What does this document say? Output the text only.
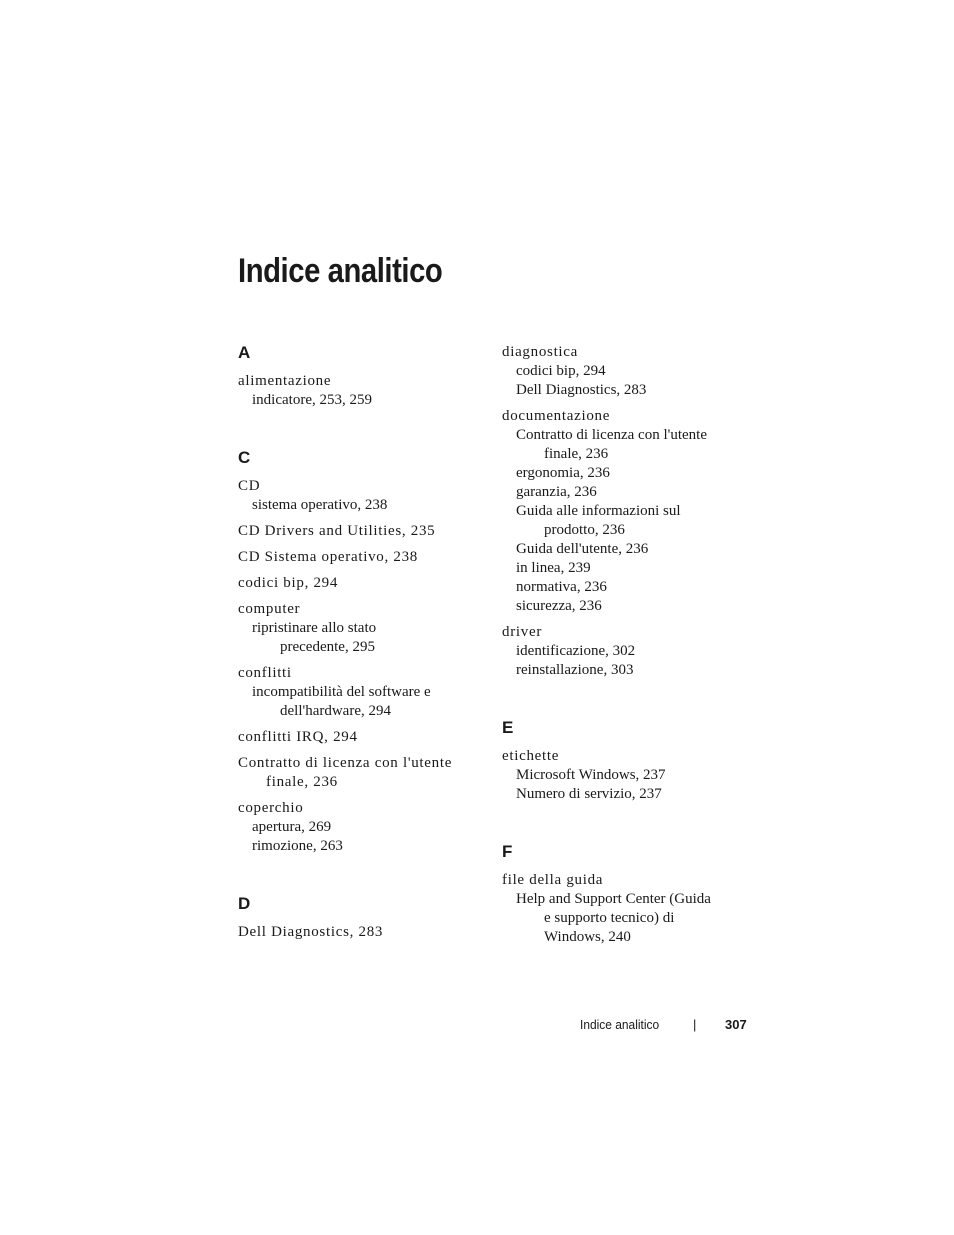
Indice analitico
A
alimentazione
indicatore, 253, 259
C
CD
sistema operativo, 238
CD Drivers and Utilities, 235
CD Sistema operativo, 238
codici bip, 294
computer
ripristinare allo stato
precedente, 295
conflitti
incompatibilità del software e
dell'hardware, 294
conflitti IRQ, 294
Contratto di licenza con l'utente
finale, 236
coperchio
apertura, 269
rimozione, 263
D
Dell Diagnostics, 283
diagnostica
codici bip, 294
Dell Diagnostics, 283
documentazione
Contratto di licenza con l'utente
finale, 236
ergonomia, 236
garanzia, 236
Guida alle informazioni sul
prodotto, 236
Guida dell'utente, 236
in linea, 239
normativa, 236
sicurezza, 236
driver
identificazione, 302
reinstallazione, 303
E
etichette
Microsoft Windows, 237
Numero di servizio, 237
F
file della guida
Help and Support Center (Guida
e supporto tecnico) di
Windows, 240
Indice analitico	| 307
